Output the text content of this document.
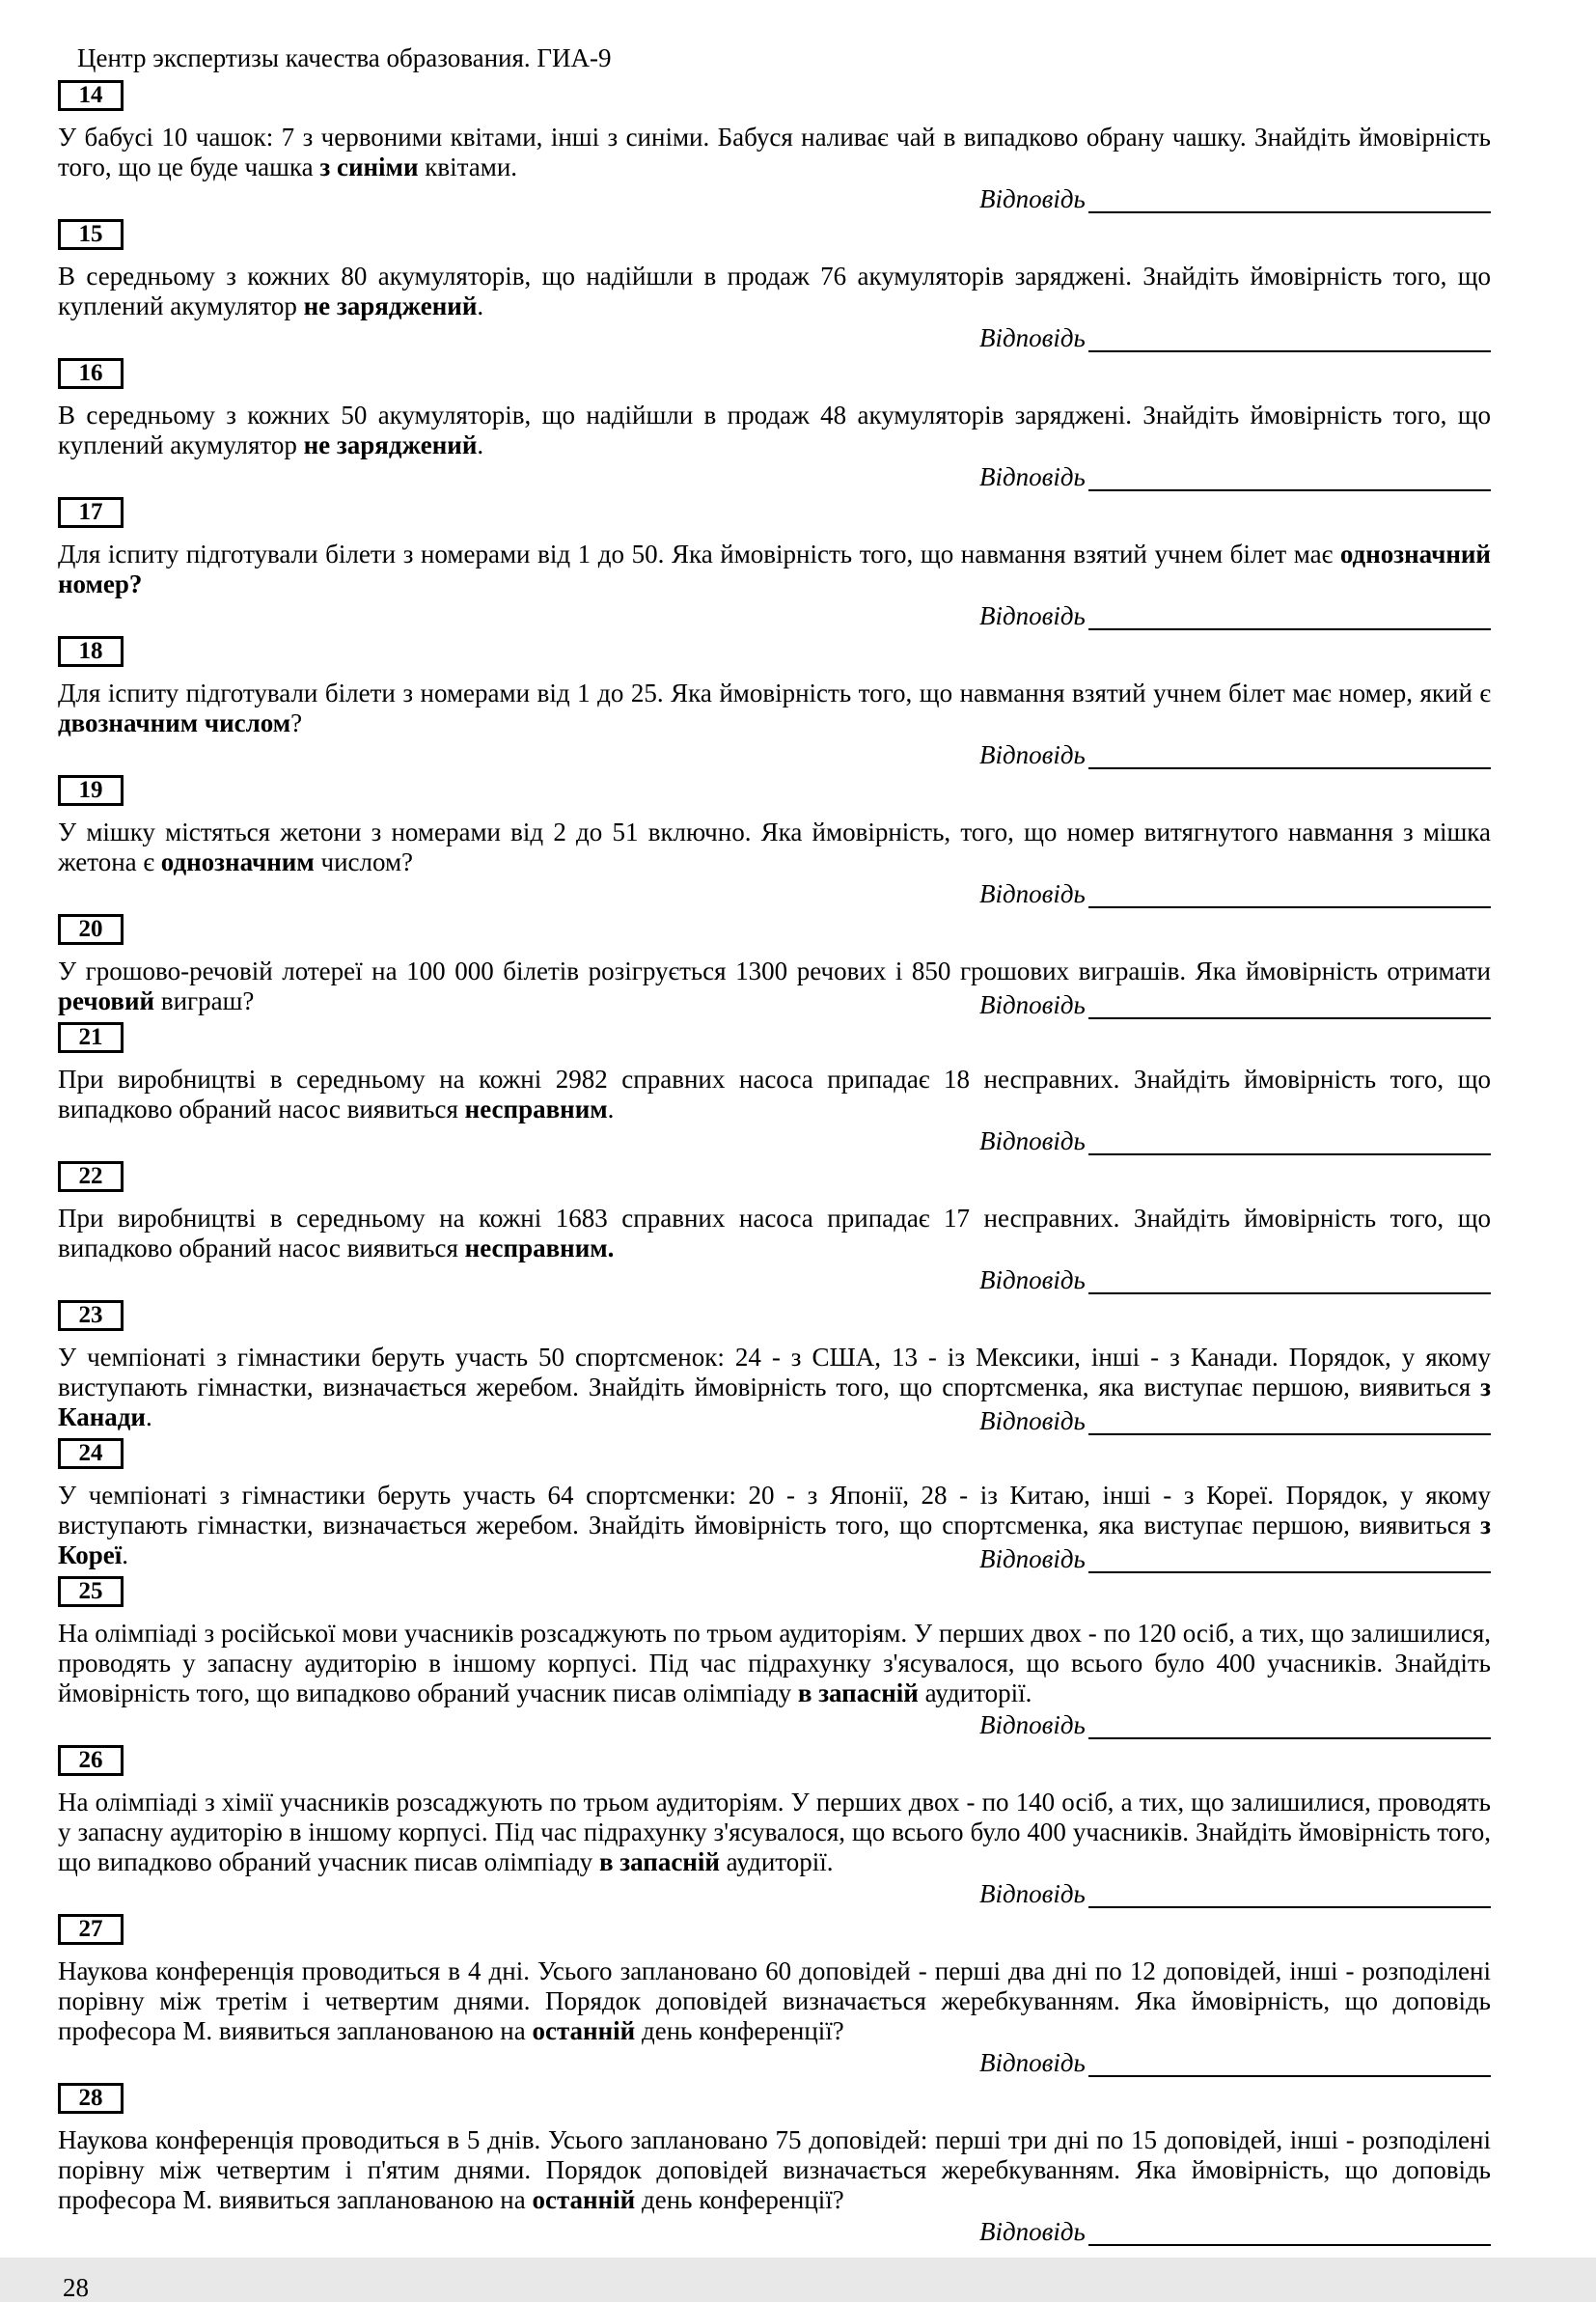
Центр экспертизы качества образования. ГИА-9
14

У бабусі 10 чашок: 7 з червоними квітами, інші з синіми. Бабуся наливає чай в випадково обрану чашку. Знайдіть ймовірність того, що це буде чашка з синіми квітами.

Відповідь
15

В середньому з кожних 80 акумуляторів, що надійшли в продаж 76 акумуляторів заряджені. Знайдіть ймовірність того, що куплений акумулятор не заряджений.

Відповідь
16

В середньому з кожних 50 акумуляторів, що надійшли в продаж 48 акумуляторів заряджені. Знайдіть ймовірність того, що куплений акумулятор не заряджений.

Відповідь
17

Для іспиту підготували білети з номерами від 1 до 50. Яка ймовірність того, що навмання взятий учнем білет має однозначний номер?

Відповідь
18

Для іспиту підготували білети з номерами від 1 до 25. Яка ймовірність того, що навмання взятий учнем білет має номер, який є двозначним числом?

Відповідь
19

У мішку містяться жетони з номерами від 2 до 51 включно. Яка ймовірність, того, що номер витягнутого навмання з мішка жетона є однозначним числом?

Відповідь
20

У грошово-речовій лотереї на 100 000 білетів розігрується 1300 речових і 850 грошових виграшів. Яка ймовірність отримати речовий виграш?	Відповідь
21

При виробництві в середньому на кожні 2982 справних насоса припадає 18 несправних. Знайдіть ймовірність того, що випадково обраний насос виявиться несправним.

Відповідь
22

При виробництві в середньому на кожні 1683 справних насоса припадає 17 несправних. Знайдіть ймовірність того, що випадково обраний насос виявиться несправним.

Відповідь
23

У чемпіонаті з гімнастики беруть участь 50 спортсменок: 24 - з США, 13 - із Мексики, інші - з Канади. Порядок, у якому виступають гімнастки, визначається жеребом. Знайдіть ймовірність того, що спортсменка, яка виступає першою, виявиться з Канади.	Відповідь
24

У чемпіонаті з гімнастики беруть участь 64 спортсменки: 20 - з Японії, 28 - із Китаю, інші - з Кореї. Порядок, у якому виступають гімнастки, визначається жеребом. Знайдіть ймовірність того, що спортсменка, яка виступає першою, виявиться з Кореї.	Відповідь
25

На олімпіаді з російської мови учасників розсаджують по трьом аудиторіям. У перших двох - по 120 осіб, а тих, що залишилися, проводять у запасну аудиторію в іншому корпусі. Під час підрахунку з'ясувалося, що всього було 400 учасників. Знайдіть ймовірність того, що випадково обраний учасник писав олімпіаду в запасній аудиторії.

Відповідь
26

На олімпіаді з хімії учасників розсаджують по трьом аудиторіям. У перших двох - по 140 осіб, а тих, що залишилися, проводять у запасну аудиторію в іншому корпусі. Під час підрахунку з'ясувалося, що всього було 400 учасників. Знайдіть ймовірність того, що випадково обраний учасник писав олімпіаду в запасній аудиторії.

Відповідь
27

Наукова конференція проводиться в 4 дні. Усього заплановано 60 доповідей - перші два дні по 12 доповідей, інші - розподілені порівну між третім і четвертим днями. Порядок доповідей визначається жеребкуванням. Яка ймовірність, що доповідь професора М. виявиться запланованою на останній день конференції?

Відповідь
28

Наукова конференція проводиться в 5 днів. Усього заплановано 75 доповідей: перші три дні по 15 доповідей, інші - розподілені порівну між четвертим і п'ятим днями. Порядок доповідей визначається жеребкуванням. Яка ймовірність, що доповідь професора М. виявиться запланованою на останній день конференції?

Відповідь
28
